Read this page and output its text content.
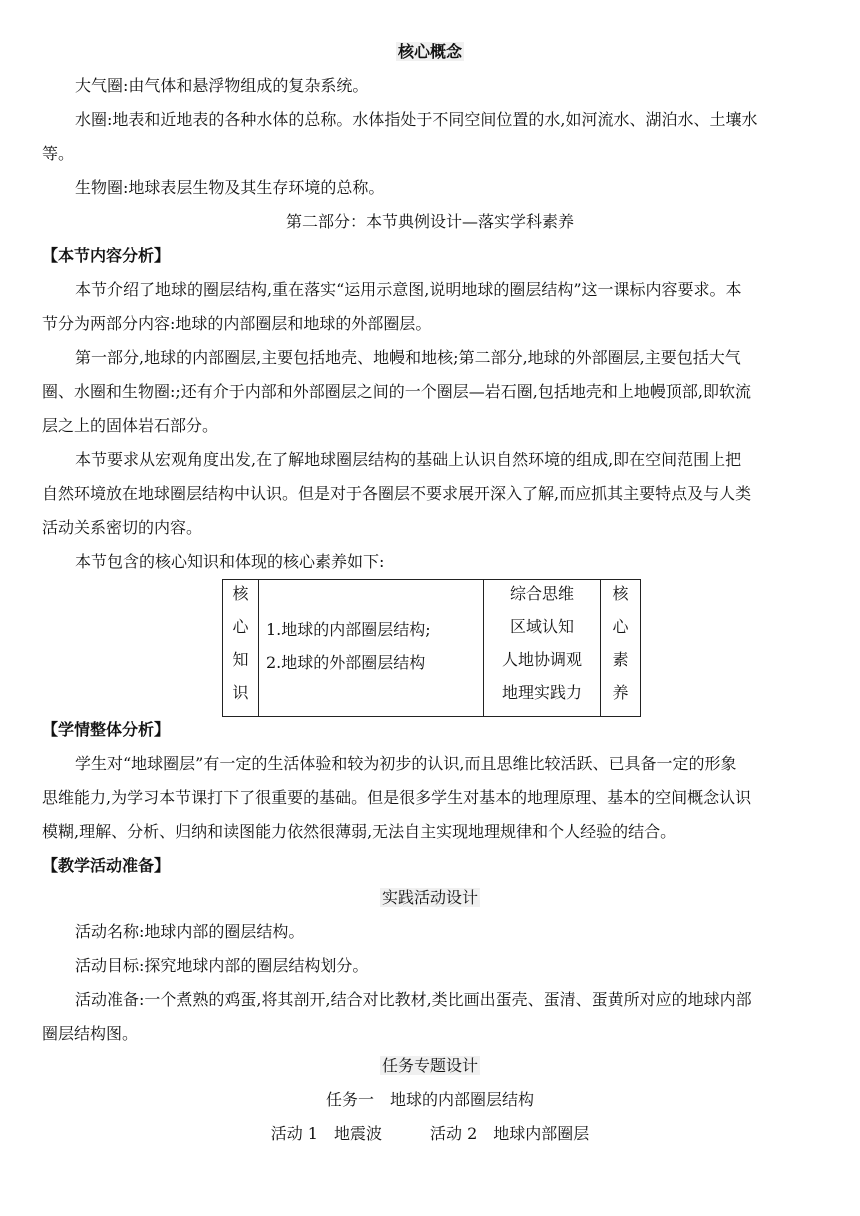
核心概念
大气圈:由气体和悬浮物组成的复杂系统。
水圈:地表和近地表的各种水体的总称。水体指处于不同空间位置的水,如河流水、湖泊水、土壤水
等。
生物圈:地球表层生物及其生存环境的总称。
第二部分：本节典例设计—落实学科素养
【本节内容分析】
本节介绍了地球的圈层结构,重在落实“运用示意图,说明地球的圈层结构”这一课标内容要求。本
节分为两部分内容:地球的内部圈层和地球的外部圈层。
第一部分,地球的内部圈层,主要包括地壳、地幔和地核;第二部分,地球的外部圈层,主要包括大气
圈、水圈和生物圈:;还有介于内部和外部圈层之间的一个圈层—岩石圈,包括地壳和上地幔顶部,即软流
层之上的固体岩石部分。
本节要求从宏观角度出发,在了解地球圈层结构的基础上认识自然环境的组成,即在空间范围上把
自然环境放在地球圈层结构中认识。但是对于各圈层不要求展开深入了解,而应抓其主要特点及与人类
活动关系密切的内容。
本节包含的核心知识和体现的核心素养如下:
核
心
知
识

1.地球的内部圈层结构;
2.地球的外部圈层结构

综合思维
区域认知
人地协调观
地理实践力

核
心
素
养
【学情整体分析】
学生对“地球圈层”有一定的生活体验和较为初步的认识,而且思维比较活跃、已具备一定的形象
思维能力,为学习本节课打下了很重要的基础。但是很多学生对基本的地理原理、基本的空间概念认识
模糊,理解、分析、归纳和读图能力依然很薄弱,无法自主实现地理规律和个人经验的结合。
【教学活动准备】
实践活动设计
活动名称:地球内部的圈层结构。
活动目标:探究地球内部的圈层结构划分。
活动准备:一个煮熟的鸡蛋,将其剖开,结合对比教材,类比画出蛋壳、蛋清、蛋黄所对应的地球内部
圈层结构图。
任务专题设计
任务一　地球的内部圈层结构
活动 1　地震波　　　活动 2　地球内部圈层
